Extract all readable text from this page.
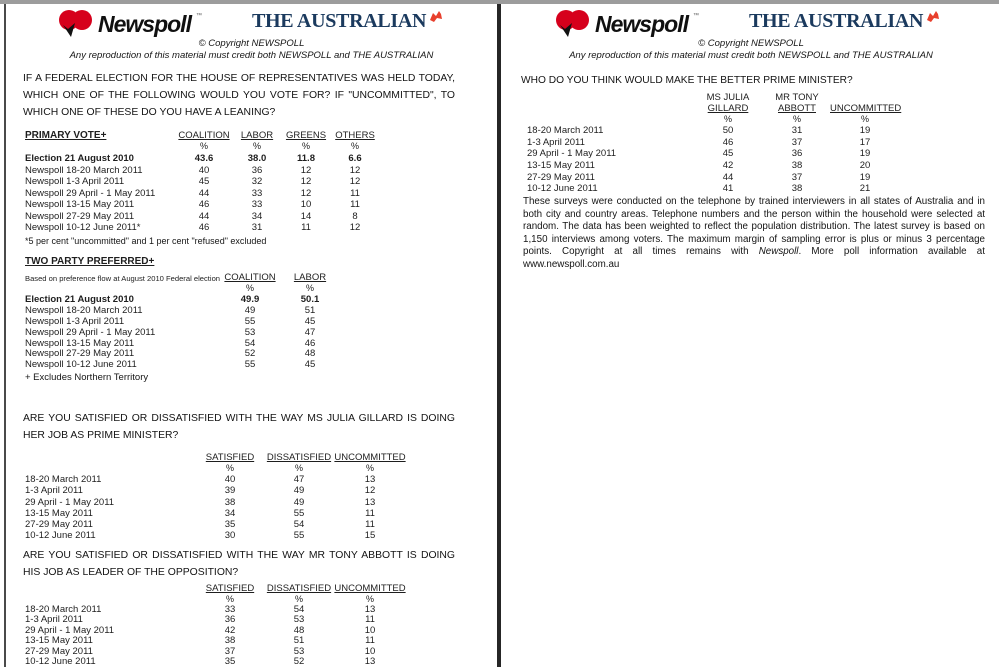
Newspoll ™	THE AUSTRALIAN
© Copyright NEWSPOLL
Any reproduction of this material must credit both NEWSPOLL and THE AUSTRALIAN
IF A FEDERAL ELECTION FOR THE HOUSE OF REPRESENTATIVES WAS HELD TODAY, WHICH ONE OF THE FOLLOWING WOULD YOU VOTE FOR? IF "UNCOMMITTED", TO WHICH ONE OF THESE DO YOU HAVE A LEANING?
PRIMARY VOTE+	COALITION	LABOR	GREENS OTHERS
%	%	%	%
Election 21 August 2010	43.6	38.0	11.8	6.6
Newspoll 18-20 March 2011	40	36	12	12
Newspoll 1-3 April 2011	45	32	12	12
Newspoll 29 April - 1 May 2011	44	33	12	11
Newspoll 13-15 May 2011	46	33	10	11
Newspoll 27-29 May 2011	44	34	14	8
Newspoll 10-12 June 2011*	46	31	11	12
*5 per cent "uncommitted" and 1 per cent "refused" excluded
TWO PARTY PREFERRED+
Based on preference flow at August 2010 Federal election COALITION	LABOR
%	%
Election 21 August 2010	49.9	50.1
Newspoll 18-20 March 2011	49	51
Newspoll 1-3 April 2011	55	45
Newspoll 29 April - 1 May 2011	53	47
Newspoll 13-15 May 2011	54	46
Newspoll 27-29 May 2011	52	48
Newspoll 10-12 June 2011	55	45
+ Excludes Northern Territory
ARE YOU SATISFIED OR DISSATISFIED WITH THE WAY MS JULIA GILLARD IS DOING HER JOB AS PRIME MINISTER?
SATISFIED	DISSATISFIED UNCOMMITTED
%	%	%
18-20 March 2011	40	47	13
1-3 April 2011	39	49	12
29 April - 1 May 2011	38	49	13
13-15 May 2011	34	55	11
27-29 May 2011	35	54	11
10-12 June 2011	30	55	15
ARE YOU SATISFIED OR DISSATISFIED WITH THE WAY MR TONY ABBOTT IS DOING HIS JOB AS LEADER OF THE OPPOSITION?
SATISFIED	DISSATISFIED UNCOMMITTED
%	%	%
18-20 March 2011	33	54	13
1-3 April 2011	36	53	11
29 April - 1 May 2011	42	48	10
13-15 May 2011	38	51	11
27-29 May 2011	37	53	10
10-12 June 2011	35	52	13
Newspoll ™	THE AUSTRALIAN
© Copyright NEWSPOLL
Any reproduction of this material must credit both NEWSPOLL and THE AUSTRALIAN
WHO DO YOU THINK WOULD MAKE THE BETTER PRIME MINISTER?
MS JULIA
GILLARD
MR TONY
ABBOTT UNCOMMITTED
%	%	%
18-20 March 2011	50	31	19
1-3 April 2011	46	37	17
29 April - 1 May 2011	45	36	19
13-15 May 2011	42	38	20
27-29 May 2011	44	37	19
10-12 June 2011	41	38	21
These surveys were conducted on the telephone by trained interviewers in all states of Australia and in both city and country areas. Telephone numbers and the person within the household were selected at random. The data has been weighted to reflect the population distribution. The latest survey is based on 1,150 interviews among voters. The maximum margin of sampling error is plus or minus 3 percentage points. Copyright at all times remains with Newspoll. More poll information available at www.newspoll.com.au
